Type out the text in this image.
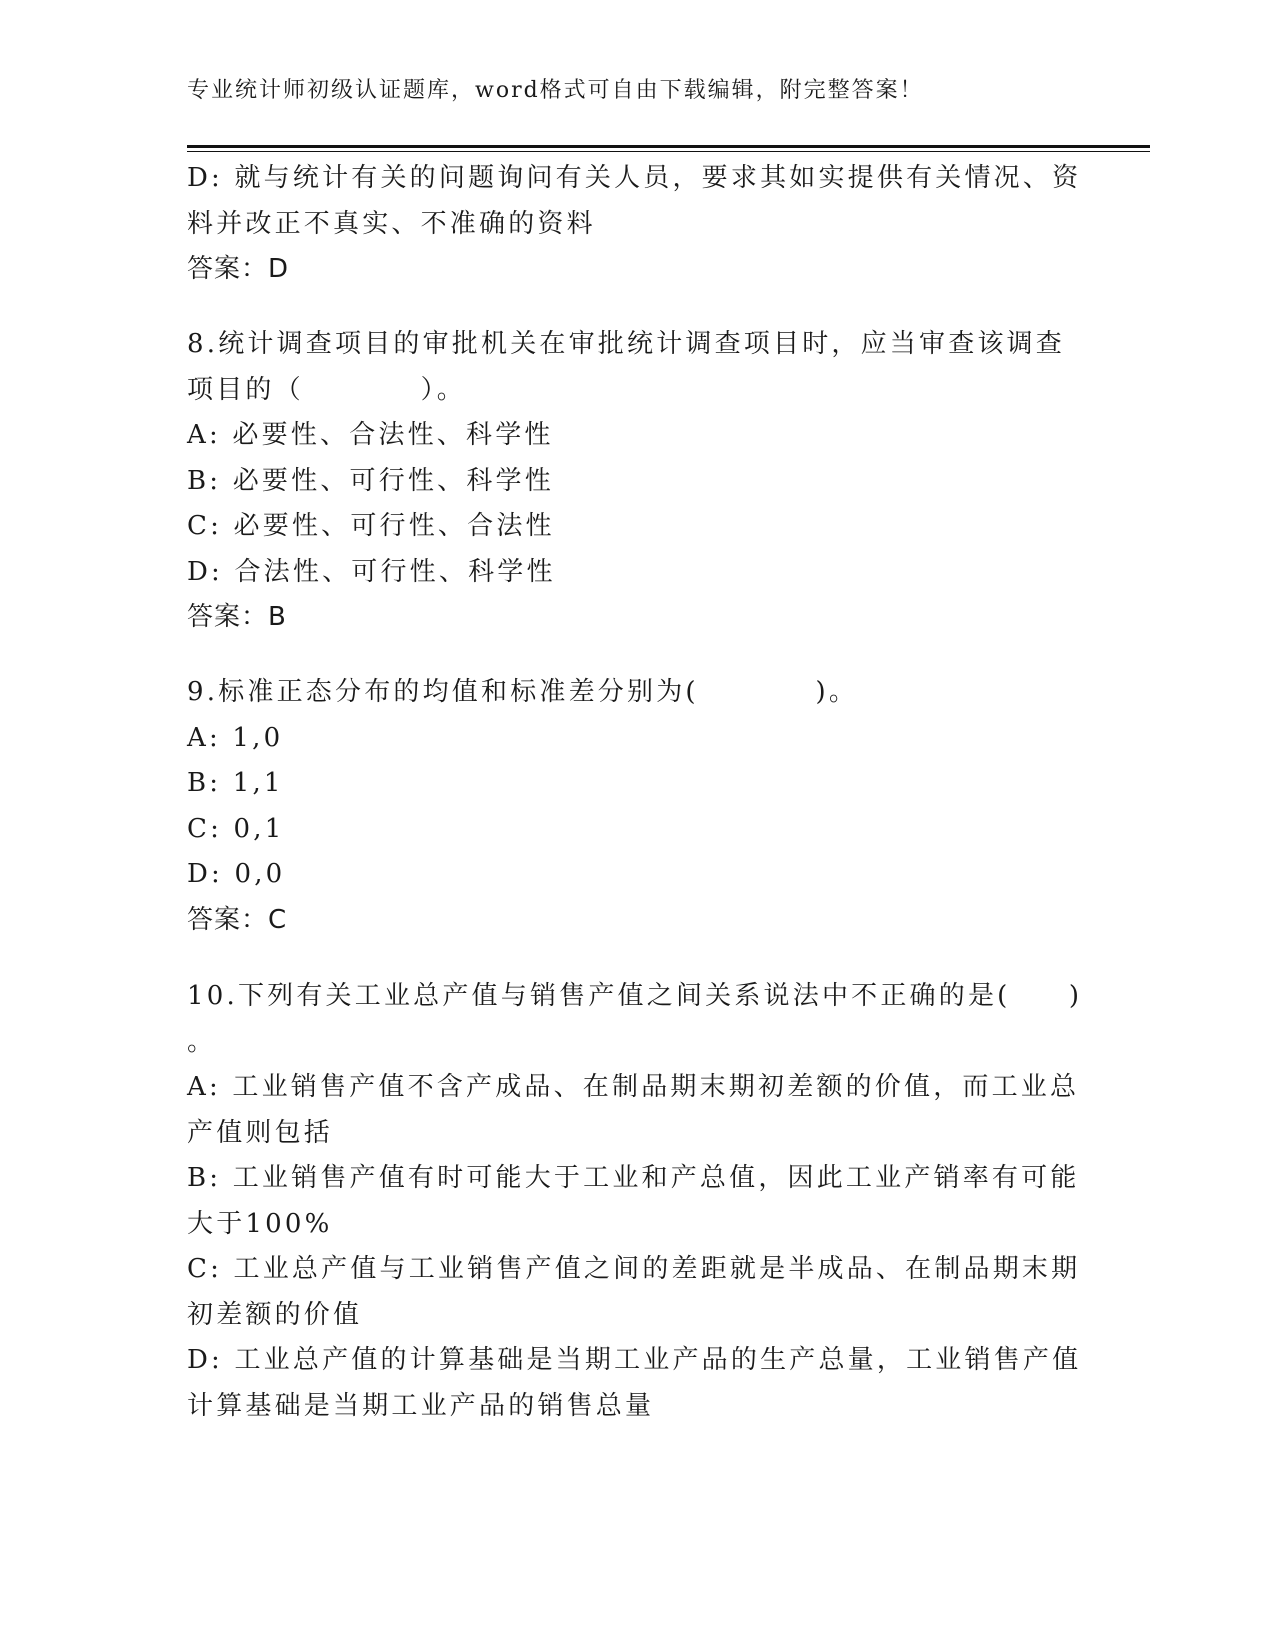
专业统计师初级认证题库，word格式可自由下载编辑，附完整答案！
D: 就与统计有关的问题询问有关人员，要求其如实提供有关情况、资
料并改正不真实、不准确的资料
答案：D
8.统计调查项目的审批机关在审批统计调查项目时，应当审查该调查
项目的（　　　　）。
A: 必要性、合法性、科学性
B: 必要性、可行性、科学性
C: 必要性、可行性、合法性
D: 合法性、可行性、科学性
答案：B
9.标准正态分布的均值和标准差分别为(　　　　)。
A: 1,0
B: 1,1
C: 0,1
D: 0,0
答案：C
10.下列有关工业总产值与销售产值之间关系说法中不正确的是(　　)
。
A: 工业销售产值不含产成品、在制品期末期初差额的价值，而工业总
产值则包括
B: 工业销售产值有时可能大于工业和产总值，因此工业产销率有可能
大于100%
C: 工业总产值与工业销售产值之间的差距就是半成品、在制品期末期
初差额的价值
D: 工业总产值的计算基础是当期工业产品的生产总量，工业销售产值
计算基础是当期工业产品的销售总量
